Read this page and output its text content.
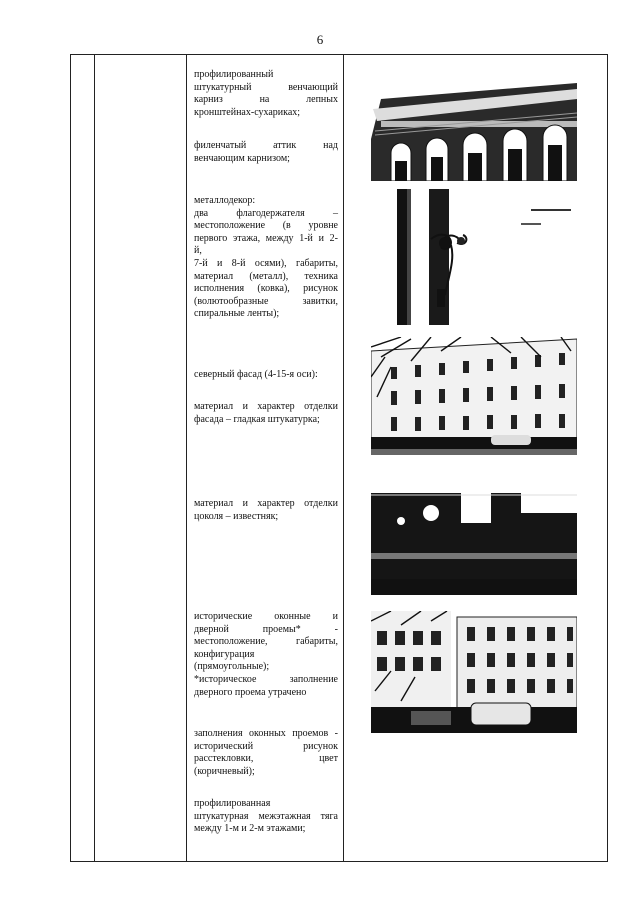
6
профилированный
штукатурный венчающий
карниз на лепных
кронштейнах-сухариках;
филенчатый аттик над
венчающим карнизом;
металлодекор:
два флагодержателя –
местоположение (в уровне
первого этажа, между 1-й и 2-
й,
7-й и 8-й осями), габариты,
материал (металл), техника
исполнения (ковка), рисунок
(волютообразные завитки,
спиральные ленты);
северный фасад (4-15-я оси):
материал и характер отделки
фасада – гладкая штукатурка;
материал и характер отделки
цоколя – известняк;
исторические оконные и
дверной проемы* -
местоположение, габариты,
конфигурация
(прямоугольные);
*историческое заполнение
дверного проема утрачено
заполнения оконных проемов -
исторический рисунок
расстекловки, цвет
(коричневый);
профилированная
штукатурная межэтажная тяга
между 1-м и 2-м этажами;
